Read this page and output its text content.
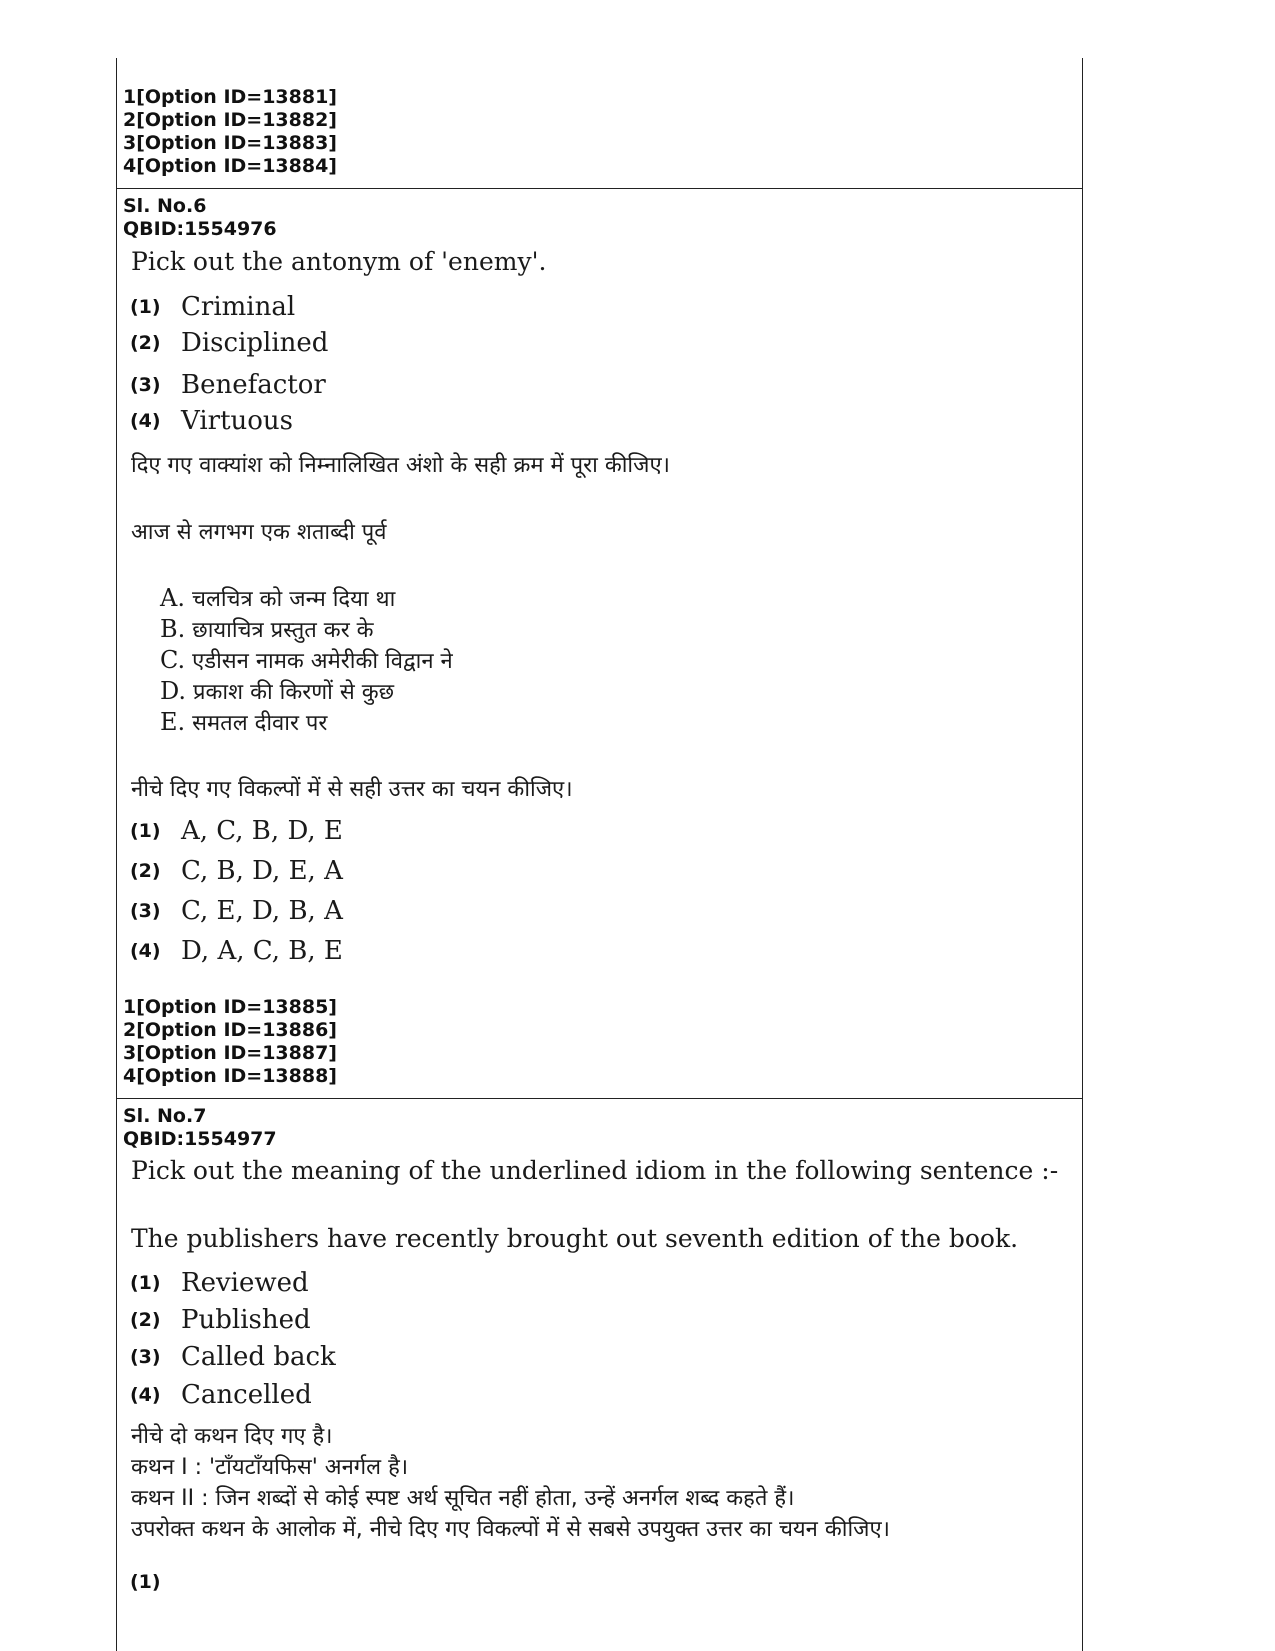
1[Option ID=13881]
2[Option ID=13882]
3[Option ID=13883]
4[Option ID=13884]
Sl. No.6
QBID:1554976
Pick out the antonym of 'enemy'.
(1) Criminal
(2) Disciplined
(3) Benefactor
(4) Virtuous
दिए गए वाक्यांश को निम्नालिखित अंशो के सही क्रम में पूरा कीजिए।
आज से लगभग एक शताब्दी पूर्व
A. चलचित्र को जन्म दिया था
B. छायाचित्र प्रस्तुत कर के
C. एडीसन नामक अमेरीकी विद्वान ने
D. प्रकाश की किरणों से कुछ
E. समतल दीवार पर
नीचे दिए गए विकल्पों में से सही उत्तर का चयन कीजिए।
(1) A, C, B, D, E
(2) C, B, D, E, A
(3) C, E, D, B, A
(4) D, A, C, B, E
1[Option ID=13885]
2[Option ID=13886]
3[Option ID=13887]
4[Option ID=13888]
Sl. No.7
QBID:1554977
Pick out the meaning of the underlined idiom in the following sentence :-
The publishers have recently brought out seventh edition of the book.
(1) Reviewed
(2) Published
(3) Called back
(4) Cancelled
नीचे दो कथन दिए गए है।
कथन I : 'टाँयटाँयफिस' अनर्गल है।
कथन II : जिन शब्दों से कोई स्पष्ट अर्थ सूचित नहीं होता, उन्हें अनर्गल शब्द कहते हैं।
उपरोक्त कथन के आलोक में, नीचे दिए गए विकल्पों में से सबसे उपयुक्त उत्तर का चयन कीजिए।
(1)
